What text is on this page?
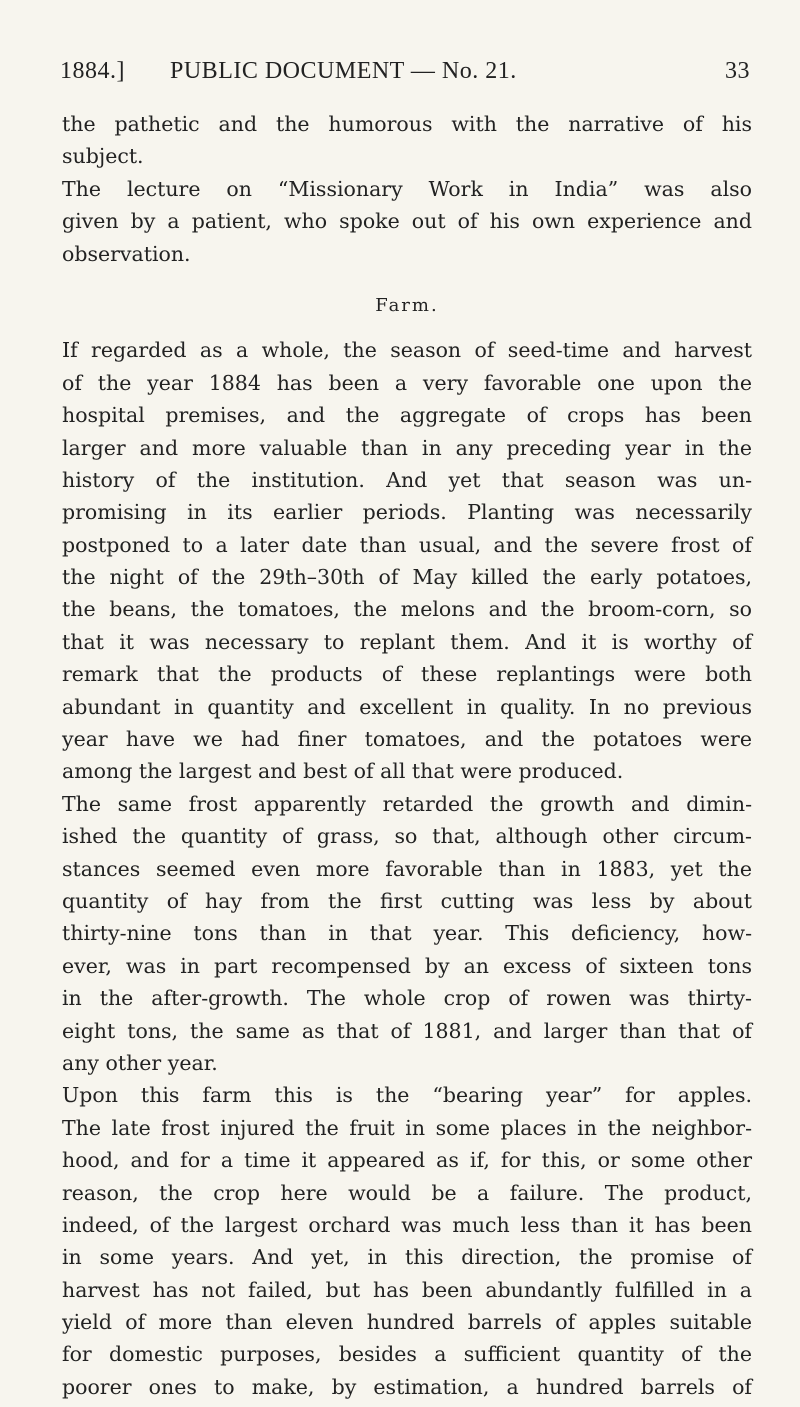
1884.] PUBLIC DOCUMENT — No. 21.	33
the pathetic and the humorous with the narrative of his
subject.
The lecture on “Missionary Work in India” was also
given by a patient, who spoke out of his own experience and
observation.
Farm.
If regarded as a whole, the season of seed-time and harvest
of the year 1884 has been a very favorable one upon the
hospital premises, and the aggregate of crops has been
larger and more valuable than in any preceding year in the
history of the institution. And yet that season was un-
promising in its earlier periods. Planting was necessarily
postponed to a later date than usual, and the severe frost of
the night of the 29th–30th of May killed the early potatoes,
the beans, the tomatoes, the melons and the broom-corn, so
that it was necessary to replant them. And it is worthy of
remark that the products of these replantings were both
abundant in quantity and excellent in quality. In no previous
year have we had finer tomatoes, and the potatoes were
among the largest and best of all that were produced.
The same frost apparently retarded the growth and dimin-
ished the quantity of grass, so that, although other circum-
stances seemed even more favorable than in 1883, yet the
quantity of hay from the first cutting was less by about
thirty-nine tons than in that year. This deficiency, how-
ever, was in part recompensed by an excess of sixteen tons
in the after-growth. The whole crop of rowen was thirty-
eight tons, the same as that of 1881, and larger than that of
any other year.
Upon this farm this is the “bearing year” for apples.
The late frost injured the fruit in some places in the neighbor-
hood, and for a time it appeared as if, for this, or some other
reason, the crop here would be a failure. The product,
indeed, of the largest orchard was much less than it has been
in some years. And yet, in this direction, the promise of
harvest has not failed, but has been abundantly fulfilled in a
yield of more than eleven hundred barrels of apples suitable
for domestic purposes, besides a sufficient quantity of the
poorer ones to make, by estimation, a hundred barrels of
